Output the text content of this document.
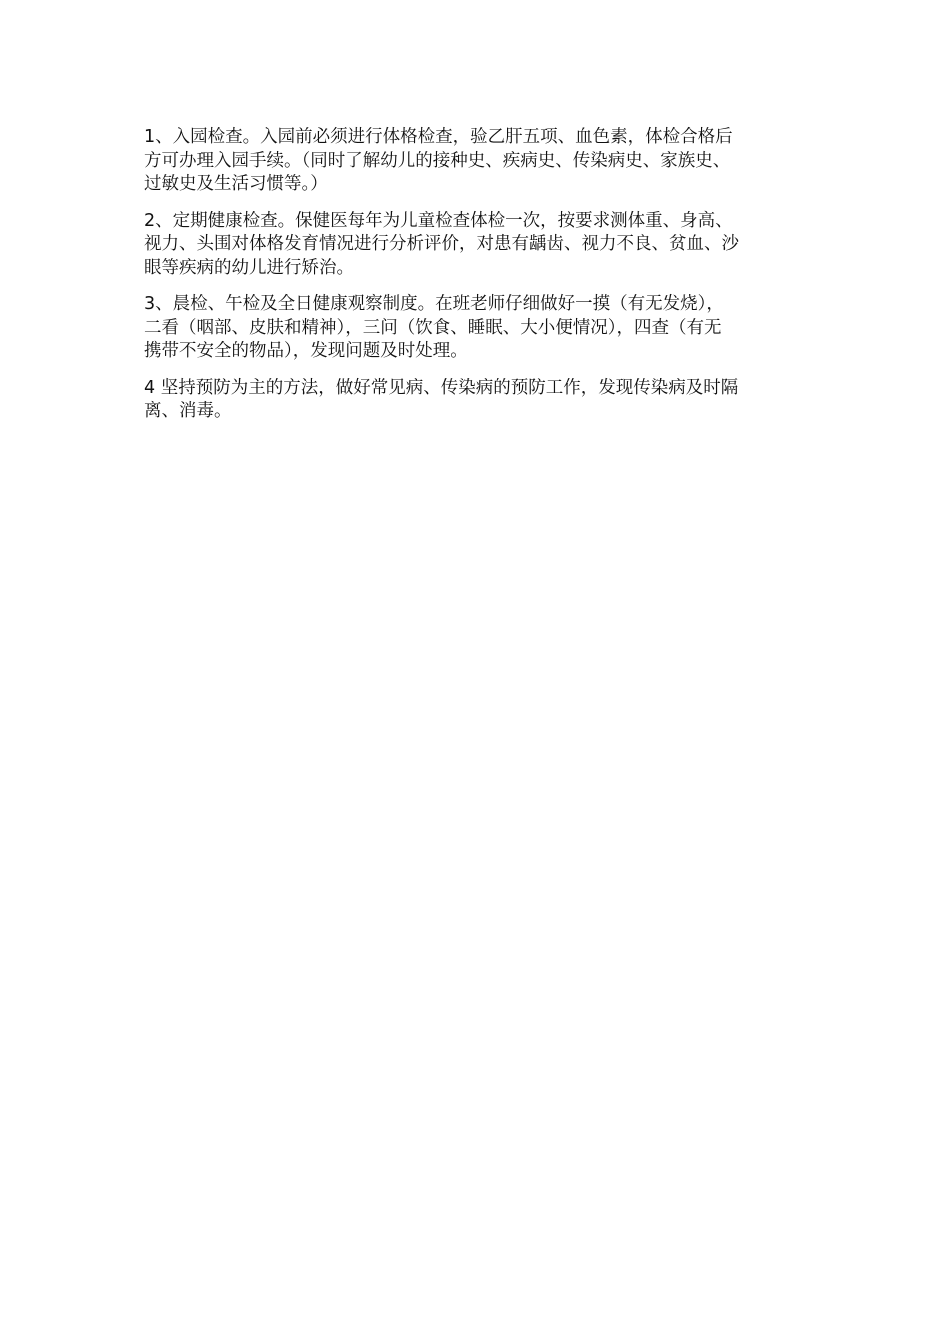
1、入园检查。入园前必须进行体格检查，验乙肝五项、血色素，体检合格后
方可办理入园手续。（同时了解幼儿的接种史、疾病史、传染病史、家族史、
过敏史及生活习惯等。）

2、定期健康检查。保健医每年为儿童检查体检一次，按要求测体重、身高、
视力、头围对体格发育情况进行分析评价，对患有龋齿、视力不良、贫血、沙
眼等疾病的幼儿进行矫治。

3、晨检、午检及全日健康观察制度。在班老师仔细做好一摸（有无发烧），
二看（咽部、皮肤和精神），三问（饮食、睡眠、大小便情况），四查（有无
携带不安全的物品），发现问题及时处理。

4 坚持预防为主的方法，做好常见病、传染病的预防工作，发现传染病及时隔
离、消毒。
